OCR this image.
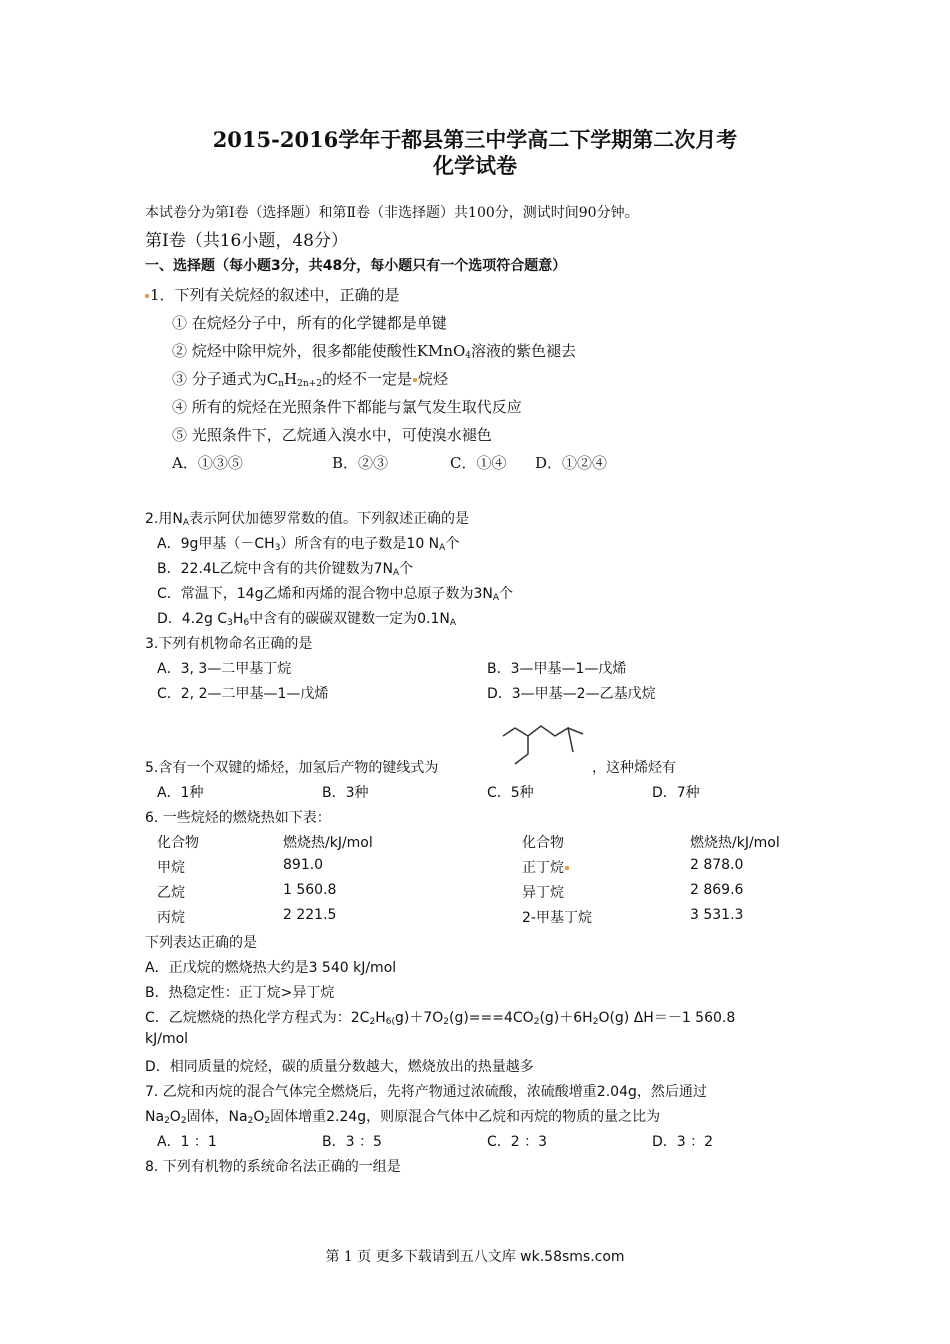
2015-2016学年于都县第三中学高二下学期第二次月考
化学试卷
本试卷分为第Ⅰ卷（选择题）和第Ⅱ卷（非选择题）共100分，测试时间90分钟。
第Ⅰ卷（共16小题，48分）
一、选择题（每小题3分，共48分，每小题只有一个选项符合题意）
1．下列有关烷烃的叙述中，正确的是
① 在烷烃分子中，所有的化学键都是单键
② 烷烃中除甲烷外，很多都能使酸性KMnO$_4$溶液的紫色褪去
③ 分子通式为$C_nH_{2n+2}$的烃不一定是 烷烃
④ 所有的烷烃在光照条件下都能与氯气发生取代反应
⑤ 光照条件下，乙烷通入溴水中，可使溴水褪色
A．①③⑤	B．②③	C．①④ D．①②④
2.用$N_A$表示阿伏加德罗常数的值。下列叙述正确的是
A．9g甲基$(-CH_3)$所含有的电子数是10 $N_A$个
B．22.4L乙烷中含有的共价键数为$7N_A$个
C．常温下，14g乙烯和丙烯的混合物中总原子数为$3N_A$个
D．4.2g $C_3H_6$中含有的碳碳双键数一定为$0.1N_A$
3.下列有机物命名正确的是
A．3, 3—二甲基丁烷	B．3—甲基—1—戊烯
C．2, 2—二甲基—1—戊烯	D．3—甲基—2—乙基戊烷
5.含有一个双键的烯烃，加氢后产物的键线式为	，这种烯烃有
A．1种	B．3种	C．5种	D．7种
6. 一些烷烃的燃烧热如下表：
化合物	燃烧热/kJ/mol	化合物	燃烧热/kJ/mol
甲烷	891.0	正丁烷	2 878.0
乙烷	1 560.8	异丁烷	2 869.6
丙烷	2 221.5	2-甲基丁烷	3 531.3
下列表达正确的是
A．正戊烷的燃烧热大约是3 540 kJ/mol
B．热稳定性：正丁烷>异丁烷
C．乙烷燃烧的热化学方程式为：$2C_2H_{6(}g)+7O_2(g)===4CO_2(g)+6H_2O(g)$ ΔH＝－1 560.8
kJ/mol
D．相同质量的烷烃，碳的质量分数越大，燃烧放出的热量越多
7. 乙烷和丙烷的混合气体完全燃烧后，先将产物通过浓硫酸，浓硫酸增重2.04g，然后通过
$Na_2O_2$固体，$Na_2O_2$固体增重2.24g，则原混合气体中乙烷和丙烷的物质的量之比为
A．1 ：1	B．3 ：5	C．2 ：3	D．3 ：2
8. 下列有机物的系统命名法正确的一组是
第 1 页 更多下载请到五八文库 wk.58sms.com
